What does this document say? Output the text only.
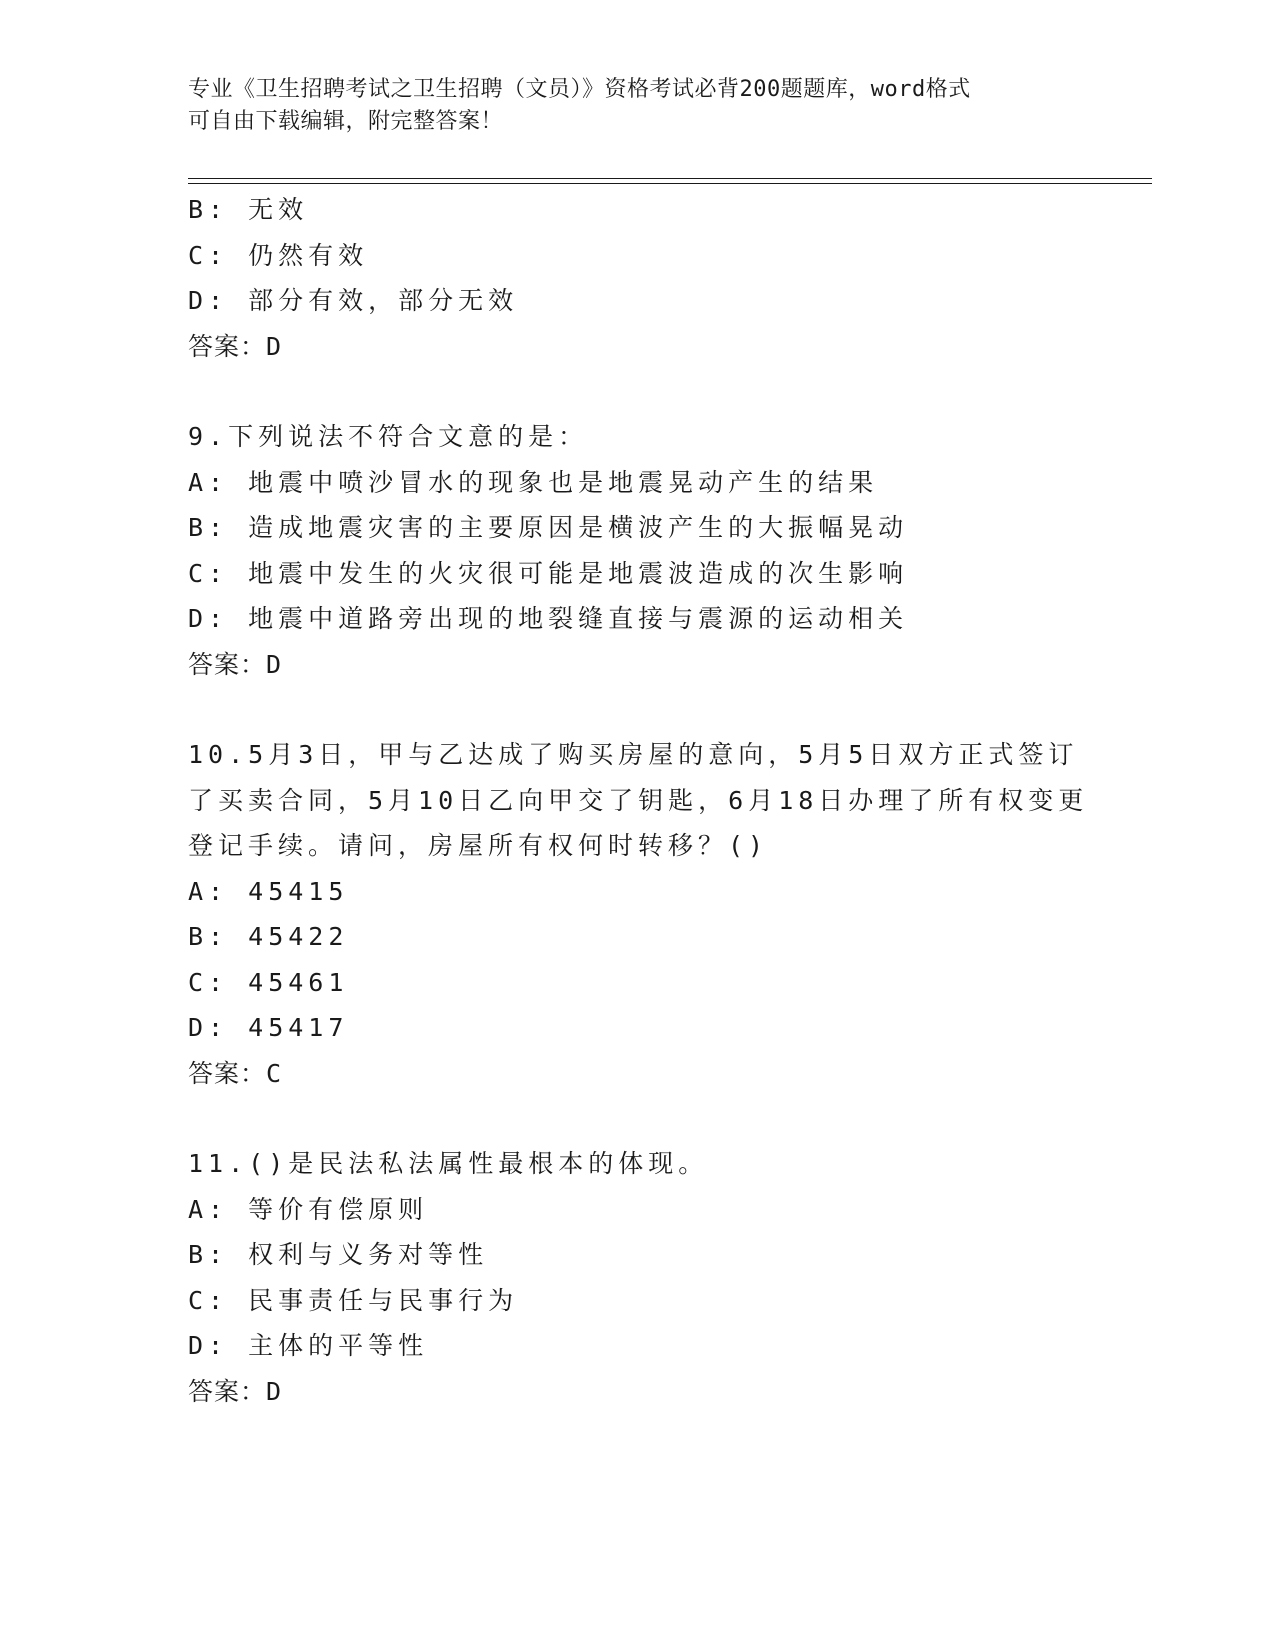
专业《卫生招聘考试之卫生招聘（文员）》资格考试必背200题题库，word格式
可自由下载编辑，附完整答案！
B: 无效
C: 仍然有效
D: 部分有效，部分无效
答案：D
9.下列说法不符合文意的是：
A: 地震中喷沙冒水的现象也是地震晃动产生的结果
B: 造成地震灾害的主要原因是横波产生的大振幅晃动
C: 地震中发生的火灾很可能是地震波造成的次生影响
D: 地震中道路旁出现的地裂缝直接与震源的运动相关
答案：D
10.5月3日，甲与乙达成了购买房屋的意向，5月5日双方正式签订
了买卖合同，5月10日乙向甲交了钥匙，6月18日办理了所有权变更
登记手续。请问，房屋所有权何时转移？()
A: 45415
B: 45422
C: 45461
D: 45417
答案：C
11.()是民法私法属性最根本的体现。
A: 等价有偿原则
B: 权利与义务对等性
C: 民事责任与民事行为
D: 主体的平等性
答案：D
